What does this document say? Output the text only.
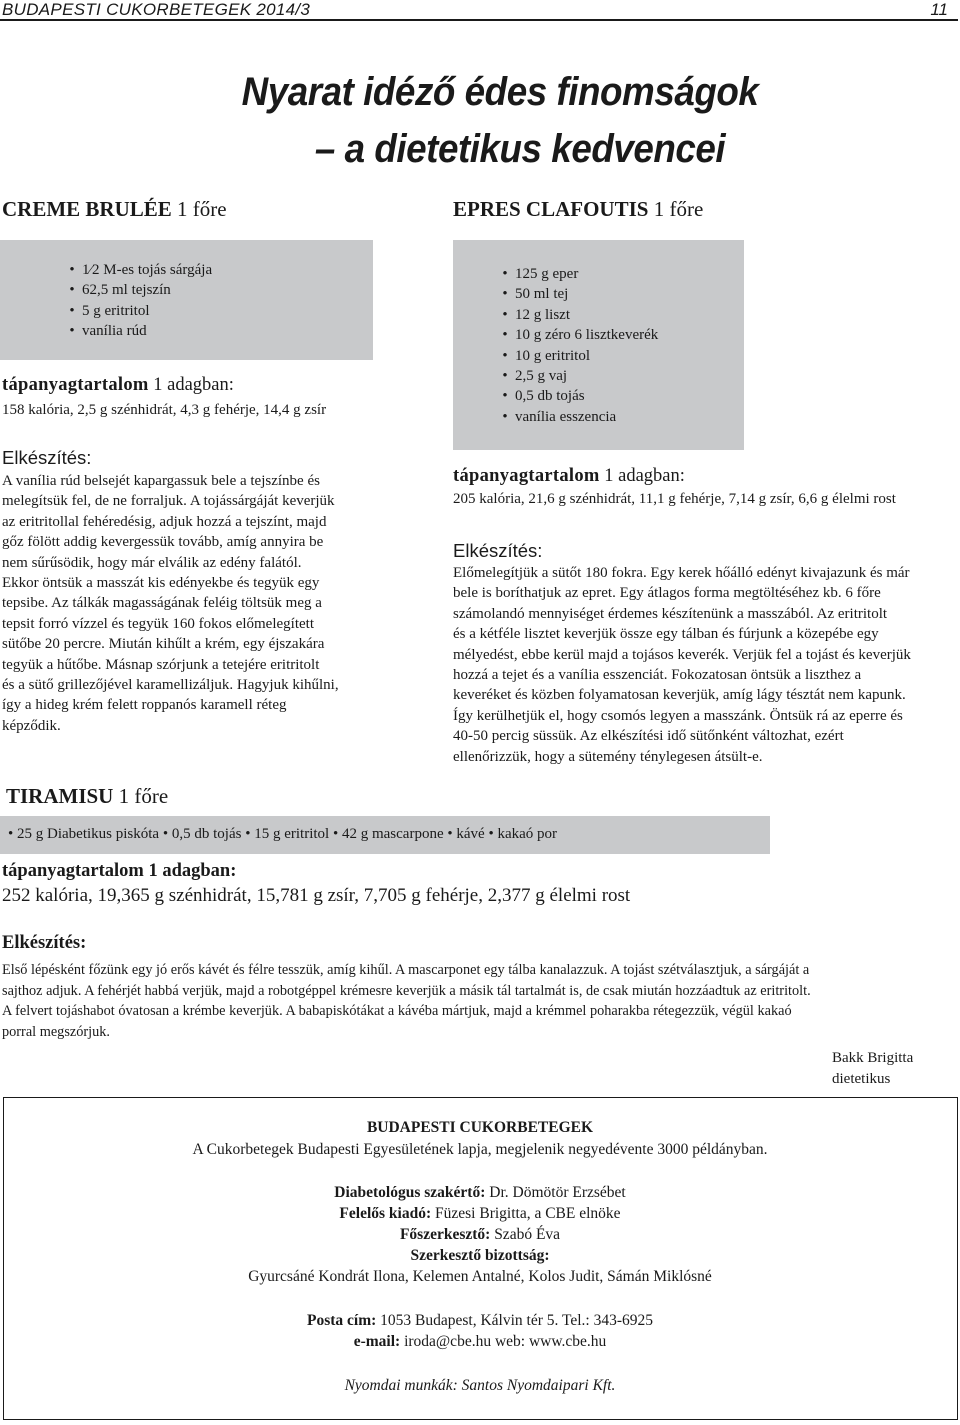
BUDAPESTI CUKORBETEGEK 2014/3	11
Nyarat idéző édes finomságok
– a dietetikus kedvencei
CREME BRULÉE 1 főre
• 1⁄2 M-es tojás sárgája
• 62,5 ml tejszín
• 5 g eritritol
• vanília rúd
tápanyagtartalom 1 adagban:
158 kalória, 2,5 g szénhidrát, 4,3 g fehérje, 14,4 g zsír
Elkészítés:
A vanília rúd belsejét kapargassuk bele a tejszínbe és
melegítsük fel, de ne forraljuk. A tojássárgáját keverjük
az eritritollal fehéredésig, adjuk hozzá a tejszínt, majd
gőz fölött addig kevergessük tovább, amíg annyira be
nem sűrűsödik, hogy már elválik az edény falától.
Ekkor öntsük a masszát kis edényekbe és tegyük egy
tepsibe. Az tálkák magasságának feléig töltsük meg a
tepsit forró vízzel és tegyük 160 fokos előmelegített
sütőbe 20 percre. Miután kihűlt a krém, egy éjszakára
tegyük a hűtőbe. Másnap szórjunk a tetejére eritritolt
és a sütő grillezőjével karamellizáljuk. Hagyjuk kihűlni,
így a hideg krém felett roppanós karamell réteg
képződik.
EPRES CLAFOUTIS 1 főre
• 125 g eper
• 50 ml tej
• 12 g liszt
• 10 g zéro 6 lisztkeverék
• 10 g eritritol
• 2,5 g vaj
• 0,5 db tojás
• vanília esszencia
tápanyagtartalom 1 adagban:
205 kalória, 21,6 g szénhidrát, 11,1 g fehérje, 7,14 g zsír, 6,6 g élelmi rost
Elkészítés:
Előmelegítjük a sütőt 180 fokra. Egy kerek hőálló edényt kivajazunk és már
bele is boríthatjuk az epret. Egy átlagos forma megtöltéséhez kb. 6 főre
számolandó mennyiséget érdemes készítenünk a masszából. Az eritritolt
és a kétféle lisztet keverjük össze egy tálban és fúrjunk a közepébe egy
mélyedést, ebbe kerül majd a tojásos keverék. Verjük fel a tojást és keverjük
hozzá a tejet és a vanília esszenciát. Fokozatosan öntsük a liszthez a
keveréket és közben folyamatosan keverjük, amíg lágy tésztát nem kapunk.
Így kerülhetjük el, hogy csomós legyen a masszánk. Öntsük rá az eperre és
40-50 percig süssük. Az elkészítési idő sütőnként változhat, ezért
ellenőrizzük, hogy a sütemény ténylegesen átsült-e.
TIRAMISU 1 főre
• 25 g Diabetikus piskóta • 0,5 db tojás • 15 g eritritol • 42 g mascarpone • kávé • kakaó por
tápanyagtartalom 1 adagban:
252 kalória, 19,365 g szénhidrát, 15,781 g zsír, 7,705 g fehérje, 2,377 g élelmi rost
Elkészítés:
Első lépésként főzünk egy jó erős kávét és félre tesszük, amíg kihűl. A mascarponet egy tálba kanalazzuk. A tojást szétválasztjuk, a sárgáját a
sajthoz adjuk. A fehérjét habbá verjük, majd a robotgéppel krémesre keverjük a másik tál tartalmát is, de csak miután hozzáadtuk az eritritolt.
A felvert tojáshabot óvatosan a krémbe keverjük. A babapiskótákat a kávéba mártjuk, majd a krémmel poharakba rétegezzük, végül kakaó
porral megszórjuk.
Bakk Brigitta
dietetikus
BUDAPESTI CUKORBETEGEK
A Cukorbetegek Budapesti Egyesületének lapja, megjelenik negyedévente 3000 példányban.
Diabetológus szakértő: Dr. Dömötör Erzsébet
Felelős kiadó: Füzesi Brigitta, a CBE elnöke
Főszerkesztő: Szabó Éva
Szerkesztő bizottság:
Gyurcsáné Kondrát Ilona, Kelemen Antalné, Kolos Judit, Sámán Miklósné
Posta cím: 1053 Budapest, Kálvin tér 5. Tel.: 343-6925
e-mail: iroda@cbe.hu web: www.cbe.hu
Nyomdai munkák: Santos Nyomdaipari Kft.
